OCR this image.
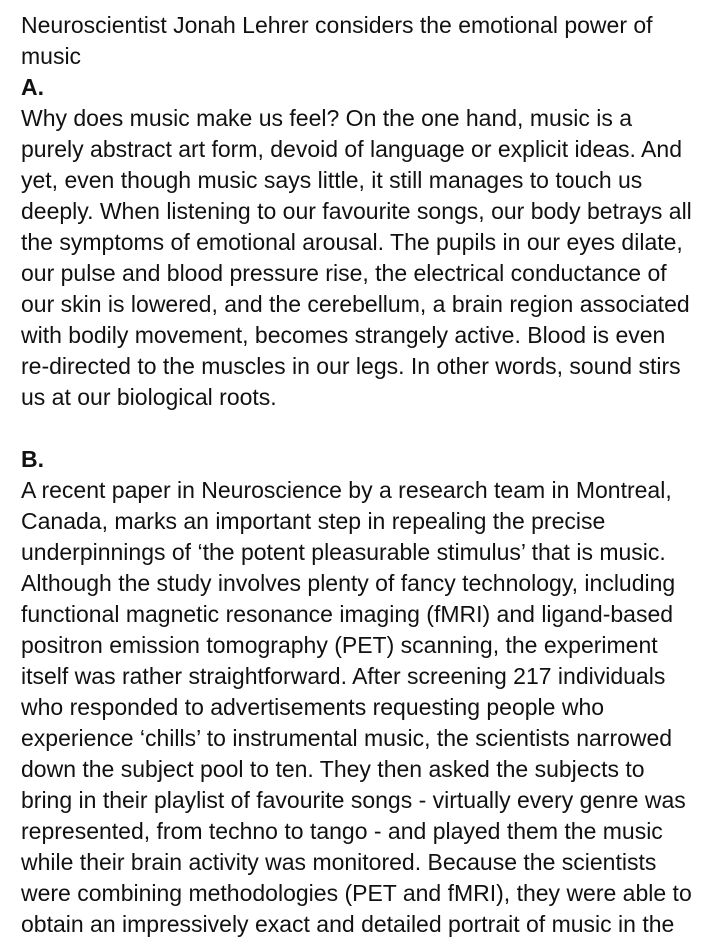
Neuroscientist Jonah Lehrer considers the emotional power of
music
A.

Why does music make us feel? On the one hand, music is a
purely abstract art form, devoid of language or explicit ideas. And
yet, even though music says little, it still manages to touch us
deeply. When listening to our favourite songs, our body betrays all
the symptoms of emotional arousal. The pupils in our eyes dilate,
our pulse and blood pressure rise, the electrical conductance of
our skin is lowered, and the cerebellum, a brain region associated
with bodily movement, becomes strangely active. Blood is even
re-directed to the muscles in our legs. In other words, sound stirs
us at our biological roots.

B.

A recent paper in Neuroscience by a research team in Montreal,
Canada, marks an important step in repealing the precise
underpinnings of ‘the potent pleasurable stimulus’ that is music.
Although the study involves plenty of fancy technology, including
functional magnetic resonance imaging (fMRI) and ligand-based
positron emission tomography (PET) scanning, the experiment
itself was rather straightforward. After screening 217 individuals
who responded to advertisements requesting people who
experience ‘chills’ to instrumental music, the scientists narrowed
down the subject pool to ten. They then asked the subjects to
bring in their playlist of favourite songs - virtually every genre was
represented, from techno to tango - and played them the music
while their brain activity was monitored. Because the scientists
were combining methodologies (PET and fMRI), they were able to
obtain an impressively exact and detailed portrait of music in the
